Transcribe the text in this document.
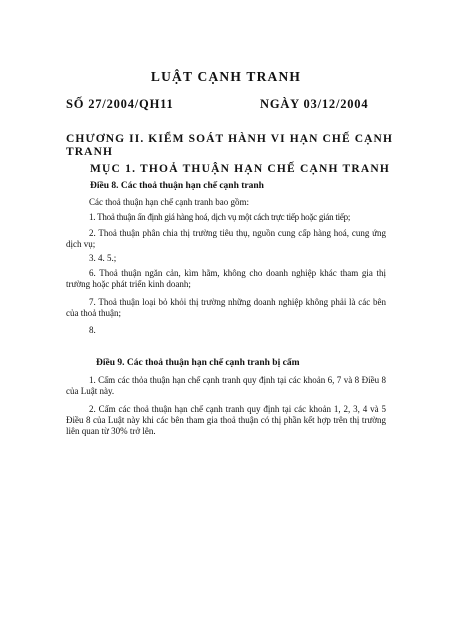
LUẬT CẠNH TRANH
SỐ 27/2004/QH11	NGÀY 03/12/2004
CHƯƠNG II. KIỂM SOÁT HÀNH VI HẠN CHẾ CẠNH TRANH
MỤC 1. THOẢ THUẬN HẠN CHẾ CẠNH TRANH
Điều 8. Các thoả thuận hạn chế cạnh tranh
Các thoả thuận hạn chế cạnh tranh bao gồm:
1. Thoả thuận ấn định giá hàng hoá, dịch vụ một cách trực tiếp hoặc gián tiếp;
2. Thoả thuận phân chia thị trường tiêu thụ, nguồn cung cấp hàng hoá, cung ứng dịch vụ;
3. 4. 5.;
6. Thoả thuận ngăn cản, kìm hãm, không cho doanh nghiệp khác tham gia thị trường hoặc phát triển kinh doanh;
7. Thoả thuận loại bỏ khỏi thị trường những doanh nghiệp không phải là các bên của thoả thuận;
8.
Điều 9. Các thoả thuận hạn chế cạnh tranh bị cấm
1. Cấm các thỏa thuận hạn chế cạnh tranh quy định tại các khoản 6, 7 và 8 Điều 8 của Luật này.
2. Cấm các thoả thuận hạn chế cạnh tranh quy định tại các khoản 1, 2, 3, 4 và 5 Điều 8 của Luật này khi các bên tham gia thoả thuận có thị phần kết hợp trên thị trường liên quan từ 30% trở lên.
